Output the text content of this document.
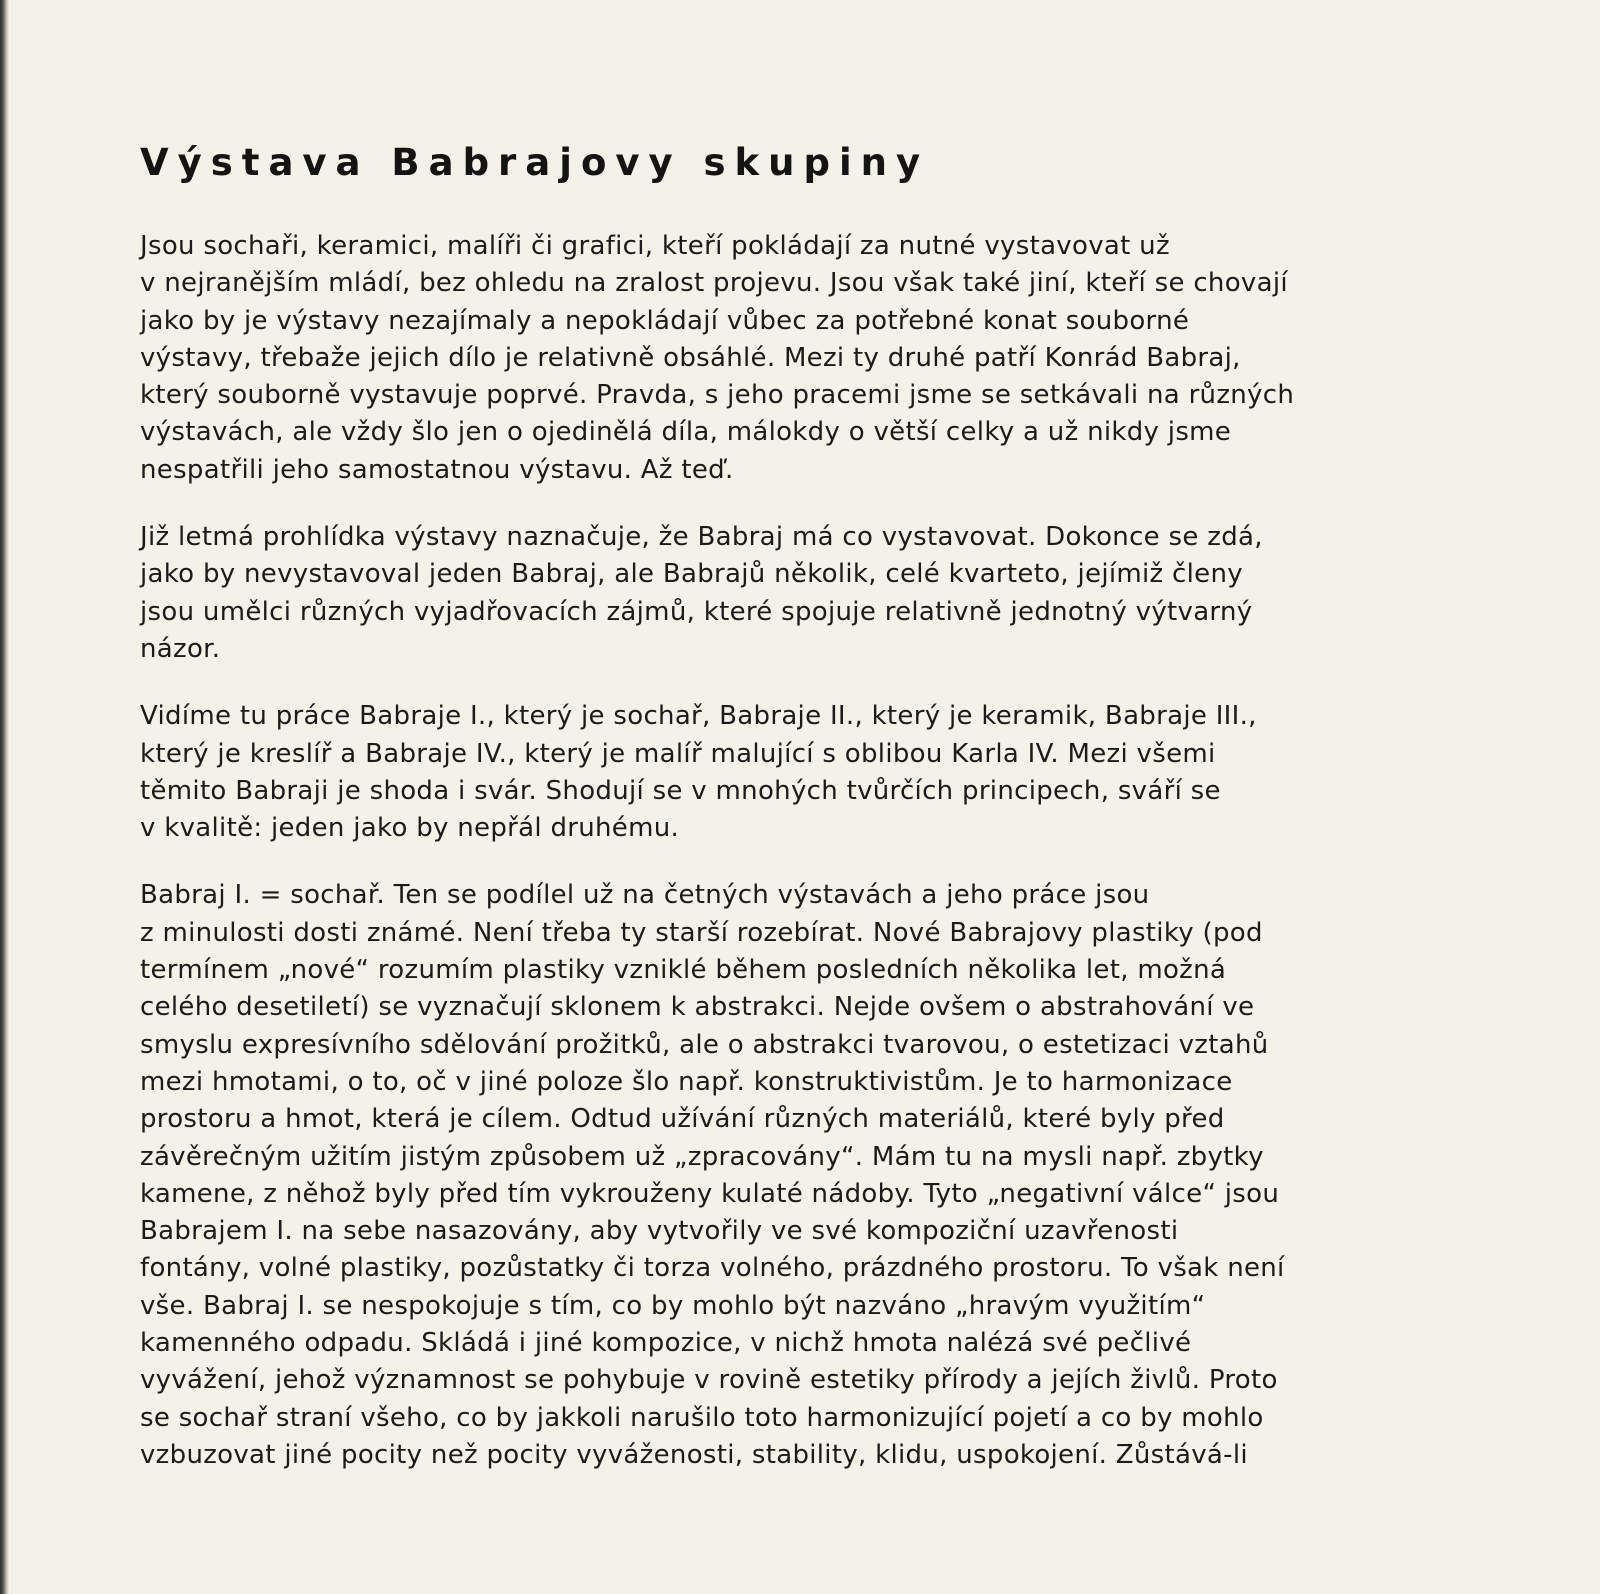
Výstava Babrajovy skupiny

Jsou sochaři, keramici, malíři či grafici, kteří pokládají za nutné vystavovat už
v nejranějším mládí, bez ohledu na zralost projevu. Jsou však také jiní, kteří se chovají
jako by je výstavy nezajímaly a nepokládají vůbec za potřebné konat souborné
výstavy, třebaže jejich dílo je relativně obsáhlé. Mezi ty druhé patří Konrád Babraj,
který souborně vystavuje poprvé. Pravda, s jeho pracemi jsme se setkávali na různých
výstavách, ale vždy šlo jen o ojedinělá díla, málokdy o větší celky a už nikdy jsme
nespatřili jeho samostatnou výstavu. Až teď.

Již letmá prohlídka výstavy naznačuje, že Babraj má co vystavovat. Dokonce se zdá,
jako by nevystavoval jeden Babraj, ale Babrajů několik, celé kvarteto, jejímiž členy
jsou umělci různých vyjadřovacích zájmů, které spojuje relativně jednotný výtvarný
názor.

Vidíme tu práce Babraje I., který je sochař, Babraje II., který je keramik, Babraje III.,
který je kreslíř a Babraje IV., který je malíř malující s oblibou Karla IV. Mezi všemi
těmito Babraji je shoda i svár. Shodují se v mnohých tvůrčích principech, sváří se
v kvalitě: jeden jako by nepřál druhému.

Babraj I. = sochař. Ten se podílel už na četných výstavách a jeho práce jsou
z minulosti dosti známé. Není třeba ty starší rozebírat. Nové Babrajovy plastiky (pod
termínem „nové“ rozumím plastiky vzniklé během posledních několika let, možná
celého desetiletí) se vyznačují sklonem k abstrakci. Nejde ovšem o abstrahování ve
smyslu expresívního sdělování prožitků, ale o abstrakci tvarovou, o estetizaci vztahů
mezi hmotami, o to, oč v jiné poloze šlo např. konstruktivistům. Je to harmonizace
prostoru a hmot, která je cílem. Odtud užívání různých materiálů, které byly před
závěrečným užitím jistým způsobem už „zpracovány“. Mám tu na mysli např. zbytky
kamene, z něhož byly před tím vykrouženy kulaté nádoby. Tyto „negativní válce“ jsou
Babrajem I. na sebe nasazovány, aby vytvořily ve své kompoziční uzavřenosti
fontány, volné plastiky, pozůstatky či torza volného, prázdného prostoru. To však není
vše. Babraj I. se nespokojuje s tím, co by mohlo být nazváno „hravým využitím“
kamenného odpadu. Skládá i jiné kompozice, v nichž hmota nalézá své pečlivé
vyvážení, jehož významnost se pohybuje v rovině estetiky přírody a jejích živlů. Proto
se sochař straní všeho, co by jakkoli narušilo toto harmonizující pojetí a co by mohlo
vzbuzovat jiné pocity než pocity vyváženosti, stability, klidu, uspokojení. Zůstává-li
